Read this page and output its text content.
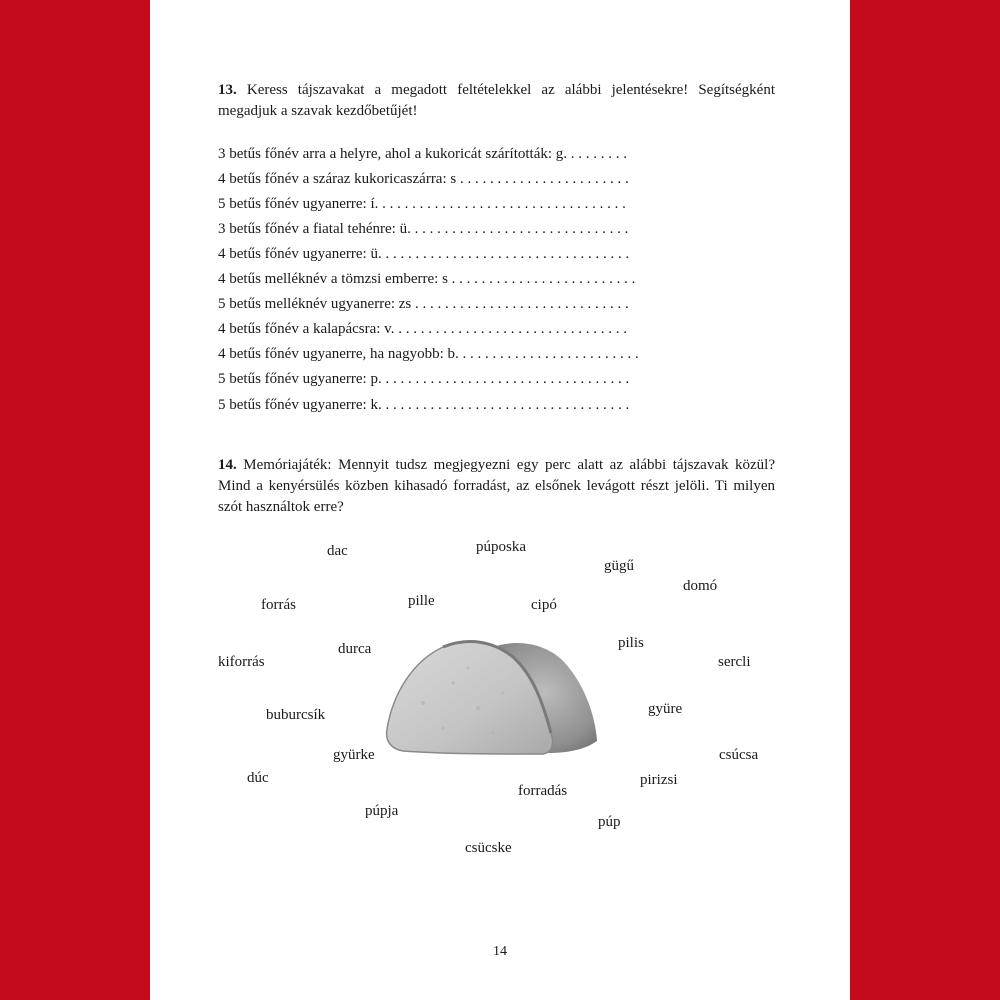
13. Keress tájszavakat a megadott feltételekkel az alábbi jelentésekre! Segítségként megadjuk a szavak kezdőbetűjét!
3 betűs főnév arra a helyre, ahol a kukoricát szárították: g. . . . . . . . .
4 betűs főnév a száraz kukoricaszárra: s . . . . . . . . . . . . . . . . . . . . . . .
5 betűs főnév ugyanerre: í. . . . . . . . . . . . . . . . . . . . . . . . . . . . . . . . . .
3 betűs főnév a fiatal tehénre: ü. . . . . . . . . . . . . . . . . . . . . . . . . . . . . .
4 betűs főnév ugyanerre: ü. . . . . . . . . . . . . . . . . . . . . . . . . . . . . . . . . .
4 betűs melléknév a tömzsi emberre: s . . . . . . . . . . . . . . . . . . . . . . . . .
5 betűs melléknév ugyanerre: zs . . . . . . . . . . . . . . . . . . . . . . . . . . . . .
4 betűs főnév a kalapácsra: v. . . . . . . . . . . . . . . . . . . . . . . . . . . . . . . .
4 betűs főnév ugyanerre, ha nagyobb: b. . . . . . . . . . . . . . . . . . . . . . . . .
5 betűs főnév ugyanerre: p. . . . . . . . . . . . . . . . . . . . . . . . . . . . . . . . . .
5 betűs főnév ugyanerre: k. . . . . . . . . . . . . . . . . . . . . . . . . . . . . . . . . .
14. Memóriajáték: Mennyit tudsz megjegyezni egy perc alatt az alábbi tájszavak közül? Mind a kenyérsülés közben kihasadó forradást, az elsőnek levágott részt jelöli. Ti milyen szót használtok erre?
dac	púposka
gügű
domó
forrás	pille	cipó
pilis
kiforrás
durca
sercli
buburcsík	gyüre
gyürke	csúcsa
dúc	pirizsi
forradás
púpja
púp
csücske
14
